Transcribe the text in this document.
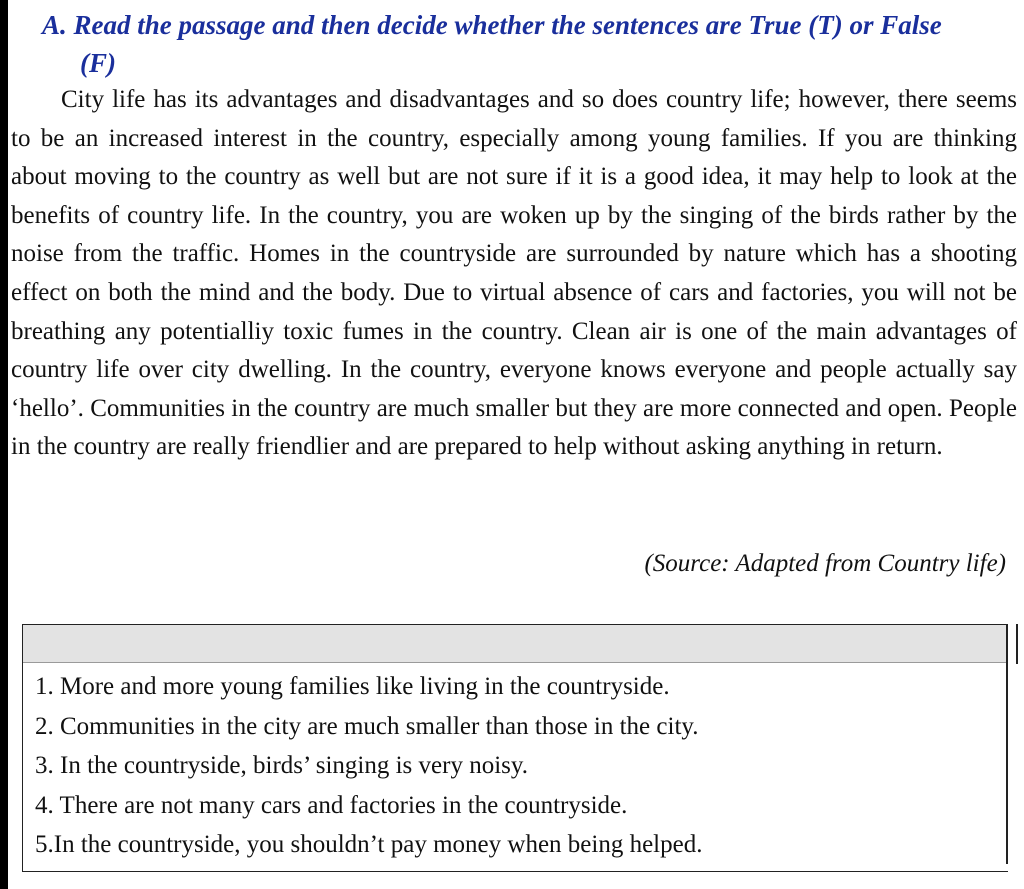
A. Read the passage and then decide whether the sentences are True (T) or False
(F)

City life has its advantages and disadvantages and so does country life; however, there seems to be an increased interest in the country, especially among young families. If you are thinking about moving to the country as well but are not sure if it is a good idea, it may help to look at the benefits of country life. In the country, you are woken up by the singing of the birds rather by the noise from the traffic. Homes in the countryside are surrounded by nature which has a shooting effect on both the mind and the body. Due to virtual absence of cars and factories, you will not be breathing any potentialliy toxic fumes in the country. Clean air is one of the main advantages of country life over city dwelling. In the country, everyone knows everyone and people actually say ‘hello’. Communities in the country are much smaller but they are more connected and open. People in the country are really friendlier and are prepared to help without asking anything in return.

(Source: Adapted from Country life)
1. More and more young families like living in the countryside.
2. Communities in the city are much smaller than those in the city.
3. In the countryside, birds’ singing is very noisy.
4. There are not many cars and factories in the countryside.
5.In the countryside, you shouldn’t pay money when being helped.
